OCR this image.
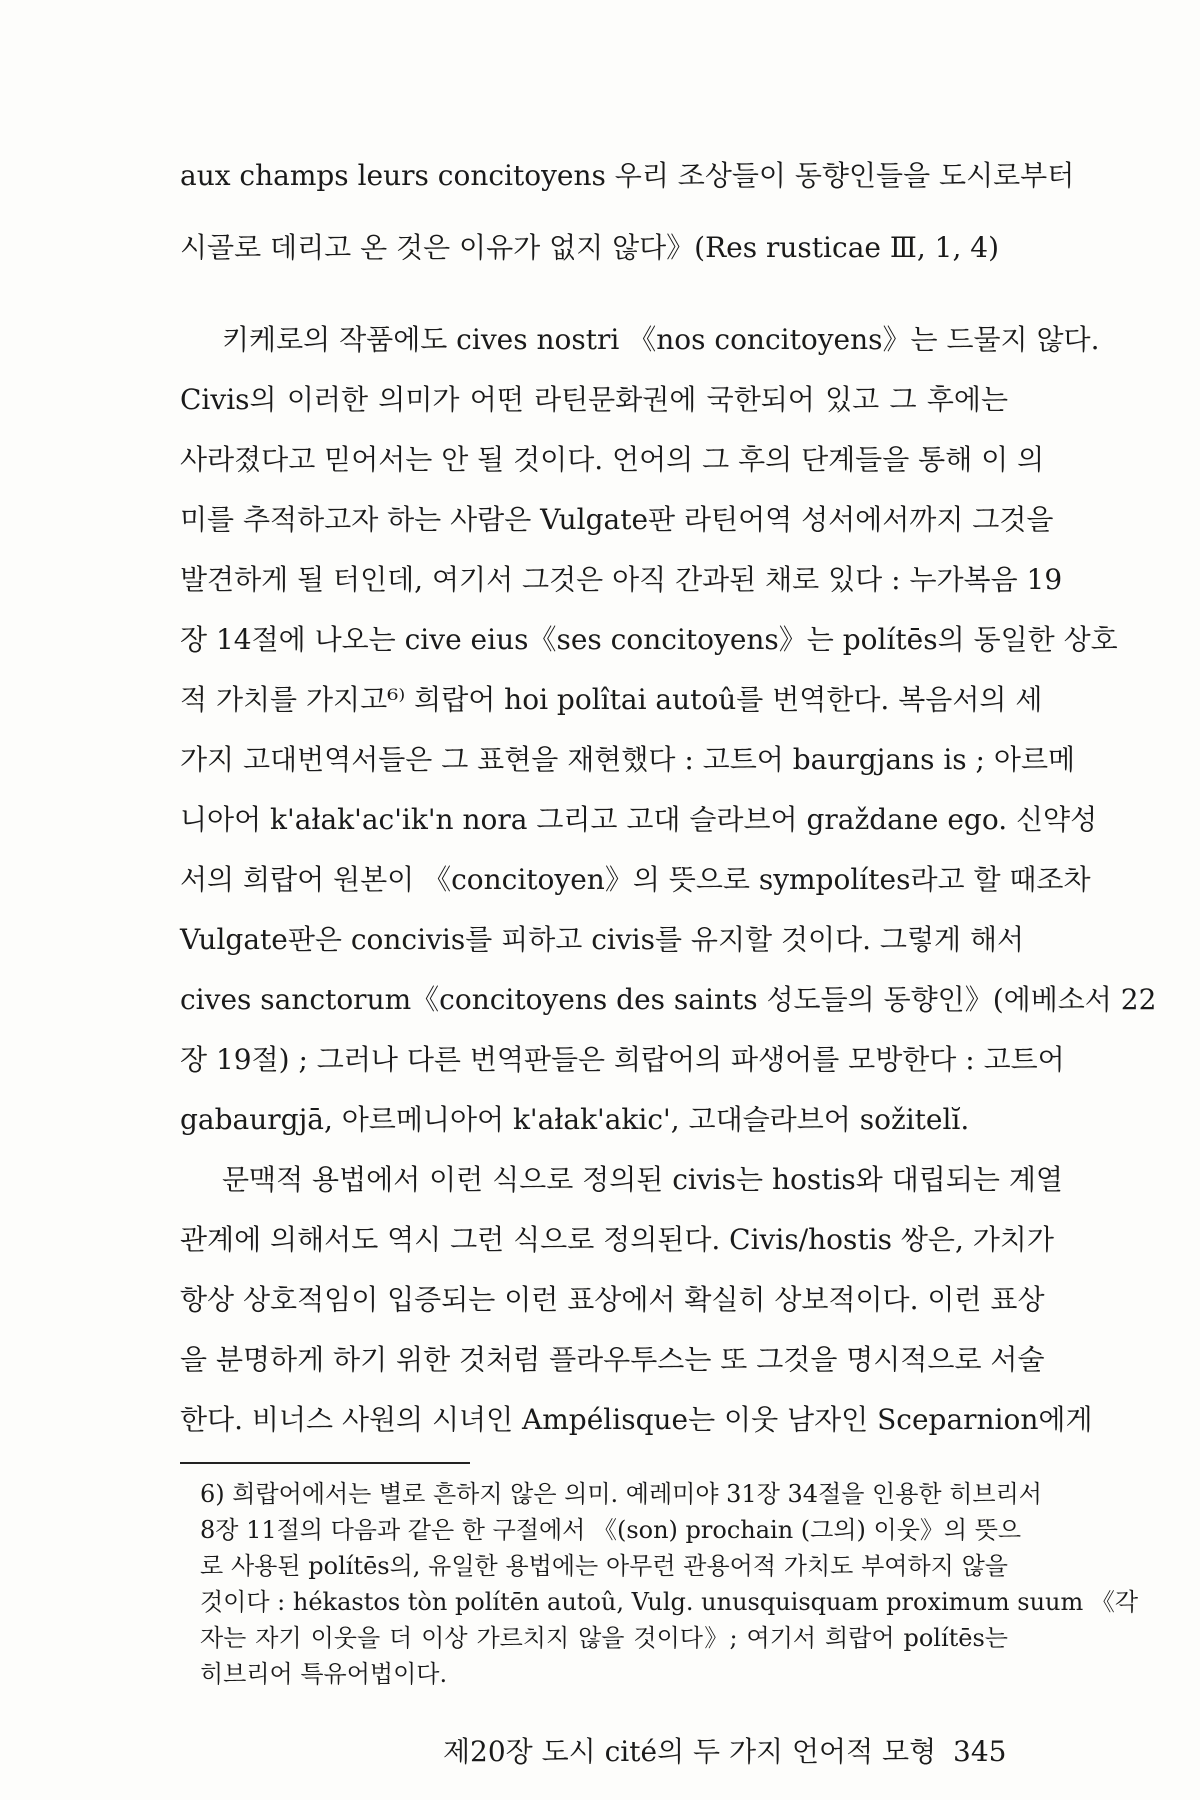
aux champs leurs concitoyens 우리 조상들이 동향인들을 도시로부터
시골로 데리고 온 것은 이유가 없지 않다》(Res rusticae Ⅲ, 1, 4)
키케로의 작품에도 cives nostri 《nos concitoyens》는 드물지 않다.
Civis의 이러한 의미가 어떤 라틴문화권에 국한되어 있고 그 후에는
사라졌다고 믿어서는 안 될 것이다. 언어의 그 후의 단계들을 통해 이 의
미를 추적하고자 하는 사람은 Vulgate판 라틴어역 성서에서까지 그것을
발견하게 될 터인데, 여기서 그것은 아직 간과된 채로 있다 : 누가복음 19
장 14절에 나오는 cive eius《ses concitoyens》는 polítēs의 동일한 상호
적 가치를 가지고⁶⁾ 희랍어 hoi polîtai autoû를 번역한다. 복음서의 세
가지 고대번역서들은 그 표현을 재현했다 : 고트어 baurgjans is ; 아르메
니아어 k'ałak'ac'ik'n nora 그리고 고대 슬라브어 graždane ego. 신약성
서의 희랍어 원본이 《concitoyen》의 뜻으로 sympolítes라고 할 때조차
Vulgate판은 concivis를 피하고 civis를 유지할 것이다. 그렇게 해서
cives sanctorum《concitoyens des saints 성도들의 동향인》(에베소서 22
장 19절) ; 그러나 다른 번역판들은 희랍어의 파생어를 모방한다 : 고트어
gabaurgjā, 아르메니아어 k'ałak'akic', 고대슬라브어 sožitelĭ.
문맥적 용법에서 이런 식으로 정의된 civis는 hostis와 대립되는 계열
관계에 의해서도 역시 그런 식으로 정의된다. Civis/hostis 쌍은, 가치가
항상 상호적임이 입증되는 이런 표상에서 확실히 상보적이다. 이런 표상
을 분명하게 하기 위한 것처럼 플라우투스는 또 그것을 명시적으로 서술
한다. 비너스 사원의 시녀인 Ampélisque는 이웃 남자인 Sceparnion에게
6) 희랍어에서는 별로 흔하지 않은 의미. 예레미야 31장 34절을 인용한 히브리서
8장 11절의 다음과 같은 한 구절에서 《(son) prochain (그의) 이웃》의 뜻으
로 사용된 polítēs의, 유일한 용법에는 아무런 관용어적 가치도 부여하지 않을
것이다 : hékastos tòn polítēn autoû, Vulg. unusquisquam proximum suum 《각
자는 자기 이웃을 더 이상 가르치지 않을 것이다》; 여기서 희랍어 polítēs는
히브리어 특유어법이다.
제20장 도시 cité의 두 가지 언어적 모형 345
